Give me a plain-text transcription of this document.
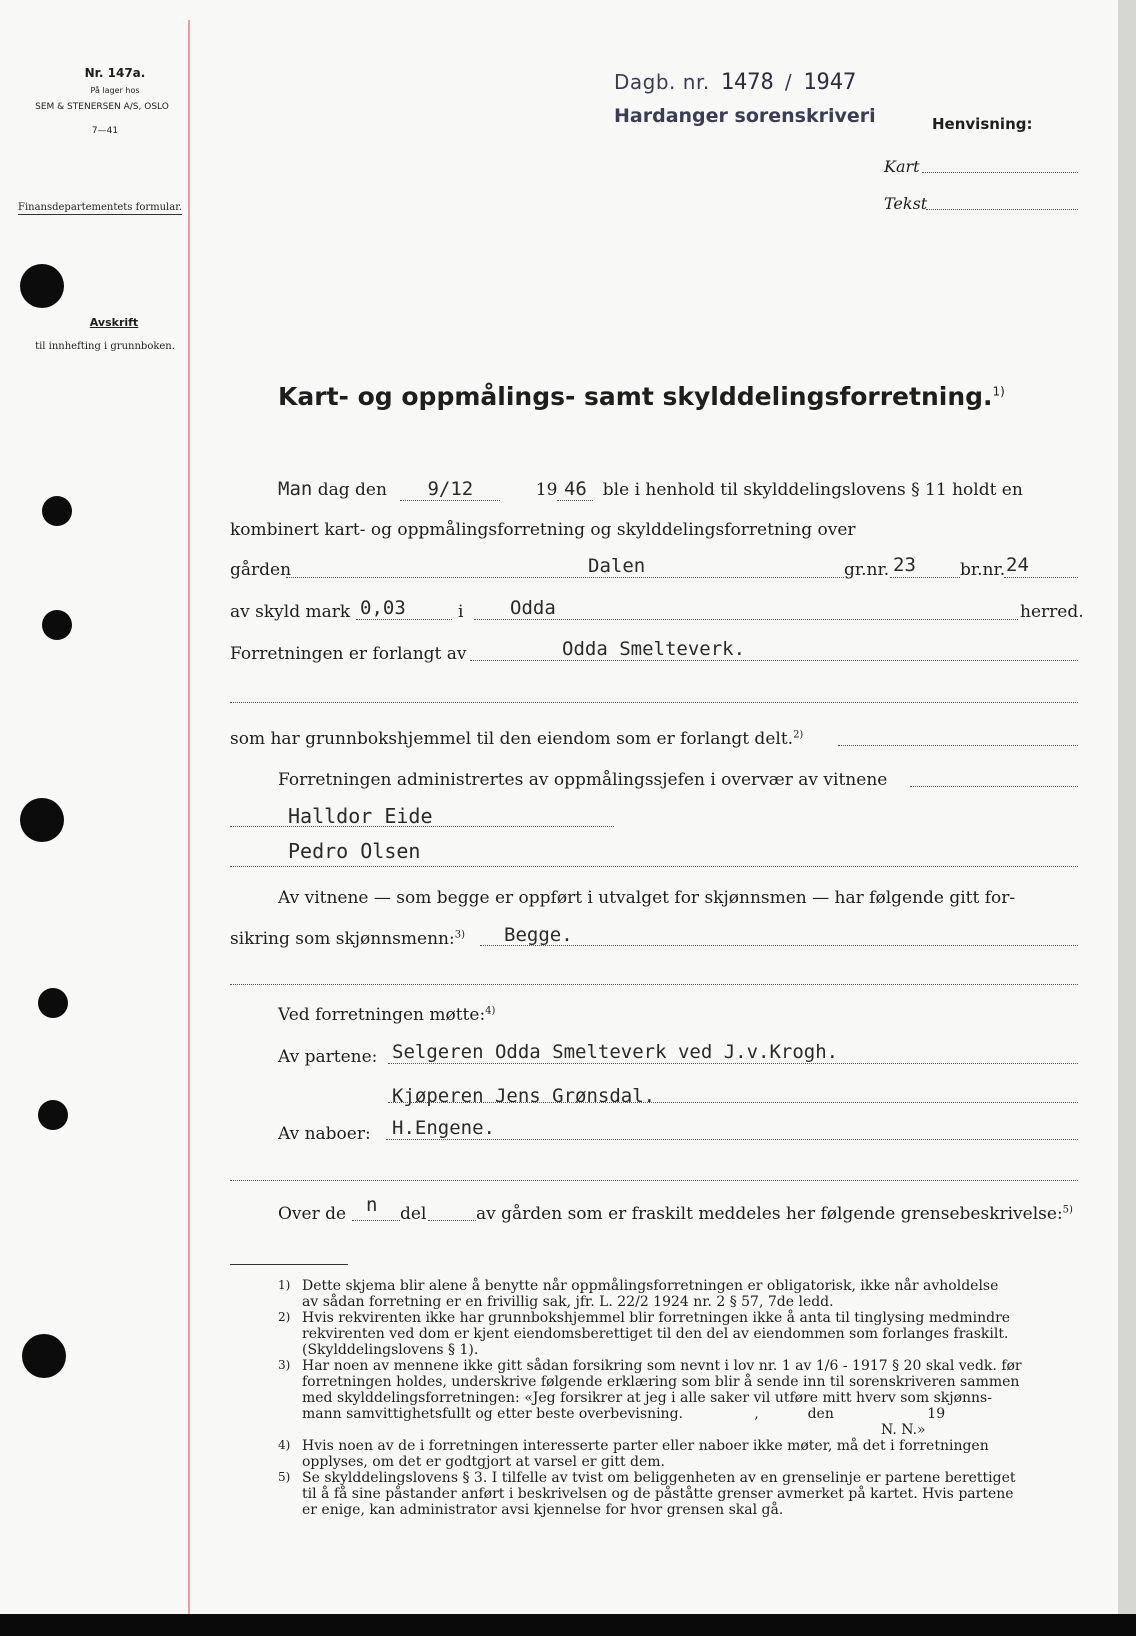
Nr. 147a.
På lager hos
SEM & STENERSEN A/S, OSLO
7—41
Finansdepartementets formular.
Avskrift
til innhefting i grunnboken.
Dagb. nr. 1478 / 1947
Hardanger sorenskriveri	Henvisning:
Kart
Tekst
Kart- og oppmålings- samt skylddelingsforretning.$^{1)}$
Man dag den 9/12	19 46 ble i henhold til skylddelingslovens § 11 holdt en
kombinert kart- og oppmålingsforretning og skylddelingsforretning over
gården	Dalen	gr.nr. 23	br.nr. 24
av skyld mark 0,03	i Odda	herred.
Forretningen er forlangt av	Odda Smelteverk.
som har grunnbokshjemmel til den eiendom som er forlangt delt.$^{2)}$
Forretningen administrertes av oppmålingssjefen i overvær av vitnene
Halldor Eide
Pedro Olsen
Av vitnene — som begge er oppført i utvalget for skjønnsmen — har følgende gitt for-
sikring som skjønnsmenn:$^{3)}$ Begge.
Ved forretningen møtte:$^{4)}$
Av partene: Selgeren Odda Smelteverk ved J.v.Krogh.
Kjøperen Jens Grønsdal.
Av naboer: H.Engene.
Over de n del	av gården som er fraskilt meddeles her følgende grensebeskrivelse:$^{5)}$
1) Dette skjema blir alene å benytte når oppmålingsforretningen er obligatorisk, ikke når avholdelse
av sådan forretning er en frivillig sak, jfr. L. 22/2 1924 nr. 2 § 57, 7de ledd.
2) Hvis rekvirenten ikke har grunnbokshjemmel blir forretningen ikke å anta til tinglysing medmindre
rekvirenten ved dom er kjent eiendomsberettiget til den del av eiendommen som forlanges fraskilt.
(Skylddelingslovens § 1).
3) Har noen av mennene ikke gitt sådan forsikring som nevnt i lov nr. 1 av 1/6 - 1917 § 20 skal vedk. før
forretningen holdes, underskrive følgende erklæring som blir å sende inn til sorenskriveren sammen
med skylddelingsforretningen: «Jeg forsikrer at jeg i alle saker vil utføre mitt hverv som skjønns-
mann samvittighetsfullt og etter beste overbevisning.                ,           den                     19
N. N.»
4) Hvis noen av de i forretningen interesserte parter eller naboer ikke møter, må det i forretningen
opplyses, om det er godtgjort at varsel er gitt dem.
5) Se skylddelingslovens § 3. I tilfelle av tvist om beliggenheten av en grenselinje er partene berettiget
til å få sine påstander anført i beskrivelsen og de påståtte grenser avmerket på kartet. Hvis partene
er enige, kan administrator avsi kjennelse for hvor grensen skal gå.
